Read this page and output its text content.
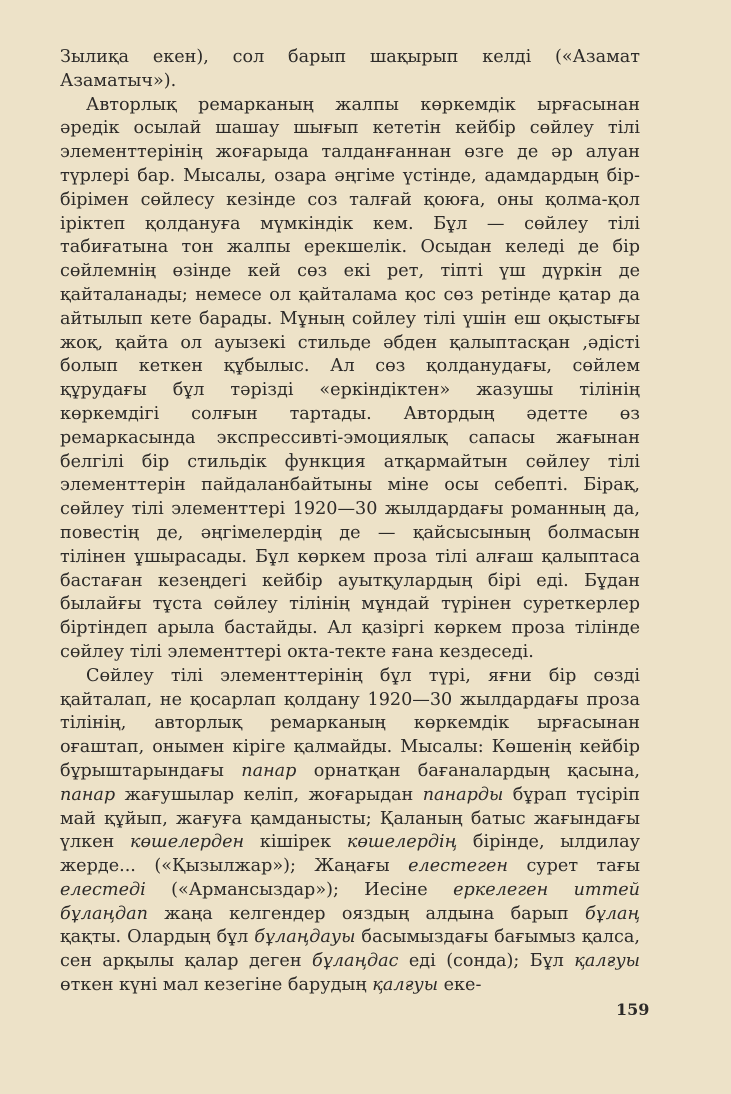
Зылиқа екен), сол барып шақырып келді («Азамат Азаматыч»).

Авторлық ремарканың жалпы көркемдік ырғасынан әредік осылай шашау шығып кететін кейбір сөйлеу тілі элементтерінің жоғарыда талданғаннан өзге де әр алуан түрлері бар. Мысалы, озара әңгіме үстінде, адамдардың бір-бірімен сөйлесу кезінде соз талғай қоюға, оны қолма-қол іріктеп қолдануға мүмкіндік кем. Бұл — сөйлеу тілі табиғатына тон жалпы ерекшелік. Осыдан келеді де бір сөйлемнің өзінде кей сөз екі рет, тіпті үш дүркін де қайталанады; немесе ол қайталама қос сөз ретінде қатар да айтылып кете барады. Мұның сойлеу тілі үшін еш оқыстығы жоқ, қайта ол ауызекі стильде әбден қалыптасқан ,әдісті болып кеткен құбылыс. Ал сөз қолданудағы, сөйлем құрудағы бұл тәрізді «еркіндіктен» жазушы тілінің көркемдігі солғын тартады. Автордың әдетте өз ремаркасында экспрессивті-эмоциялық сапасы жағынан белгілі бір стильдік функция атқармайтын сөйлеу тілі элементтерін пайдаланбайтыны міне осы себепті. Бірақ, сөйлеу тілі элементтері 1920—30 жылдардағы романның да, повестің де, әңгімелердің де — қайсысының болмасын тілінен ұшырасады. Бұл көркем проза тілі алғаш қалыптаса бастаған кезеңдегі кейбір ауытқулардың бірі еді. Бұдан былайғы тұста сөйлеу тілінің мұндай түрінен суреткерлер біртіндеп арыла бастайды. Ал қазіргі көркем проза тілінде сөйлеу тілі элементтері окта-текте ғана кездеседі.

Сөйлеу тілі элементтерінің бұл түрі, яғни бір сөзді қайталап, не қосарлап қолдану 1920—30 жылдардағы проза тілінің, авторлық ремарканың көркемдік ырғасынан оғаштап, онымен кіріге қалмайды. Мысалы: Көшенің кейбір бұрыштарындағы панар орнатқан бағаналардың қасына, панар жағушылар келіп, жоғарыдан панарды бұрап түсіріп май құйып, жағуға қамданысты; Қаланың батыс жағындағы үлкен көшелерден кішірек көшелердің бірінде, ылдилау жерде... («Қызылжар»); Жаңағы елестеген сурет тағы елестеді («Армансыздар»); Иесіне еркелеген иттей бұлаңдап жаңа келгендер ояздың алдына барып бұлаң қақты. Олардың бұл бұлаңдауы басымыздағы бағымыз қалса, сен арқылы қалар деген бұлаңдас еді (сонда); Бұл қалғуы өткен күні мал кезегіне барудың қалғуы еке-

159
